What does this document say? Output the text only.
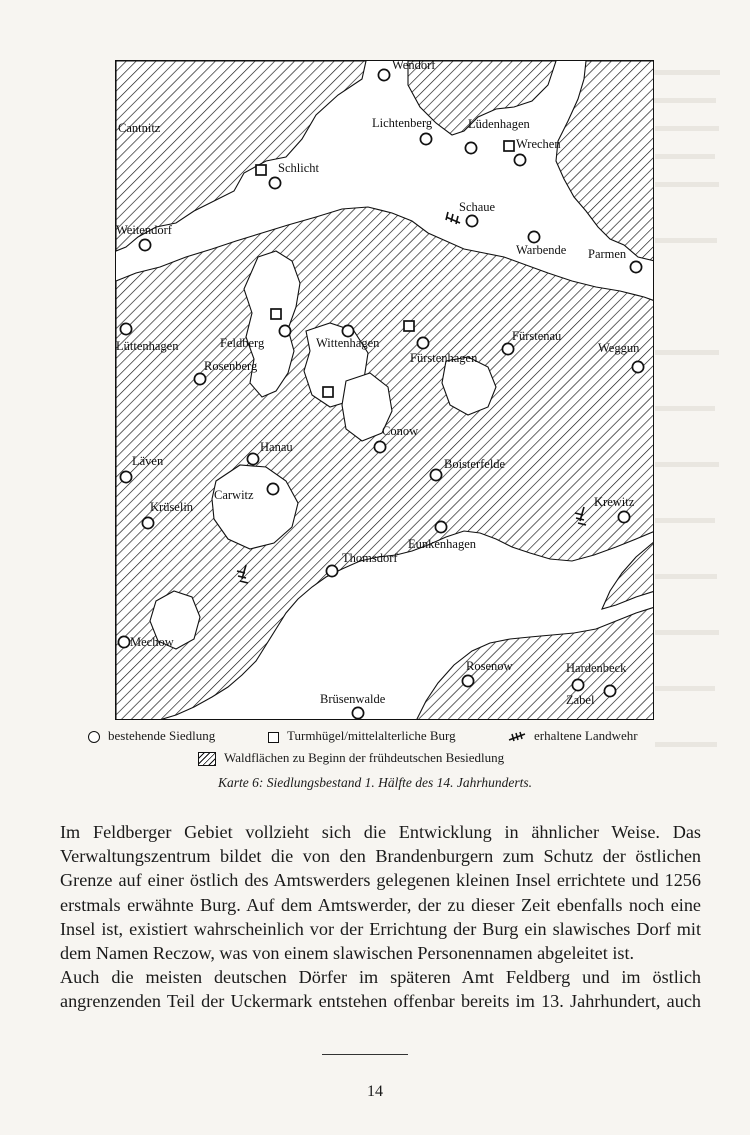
Wendorf
Cantnitz	Lichtenberg	Lüdenhagen
Wrechen
Schlicht
Schaue
Weitendorf
Warbende Parmen
Lüttenhagen	Feldberg	Wittenhagen
Fürstenhagen
Fürstenau
Weggun
Rosenberg
Conow
Hanau
Boisterfelde
Läven
Carwitz
Krüselin	Krewitz
Eunkenhagen
Thomsdorf
Mechow
Rosenow	Hardenbeck
Zabel
Brüsenwalde
bestehende Siedlung	Turmhügel/mittelalterliche Burg	erhaltene Landwehr
Waldflächen zu Beginn der frühdeutschen Besiedlung
Karte 6: Siedlungsbestand 1. Hälfte des 14. Jahrhunderts.

Im Feldberger Gebiet vollzieht sich die Entwicklung in ähnlicher Weise. Das Verwaltungszentrum bildet die von den Brandenburgern zum Schutz der östlichen Grenze auf einer östlich des Amtswerders gelegenen kleinen Insel errichtete und 1256 erstmals erwähnte Burg. Auf dem Amtswerder, der zu dieser Zeit ebenfalls noch eine Insel ist, existiert wahrscheinlich vor der Errichtung der Burg ein slawisches Dorf mit dem Namen Reczow, was von einem slawischen Personennamen abgeleitet ist.

Auch die meisten deutschen Dörfer im späteren Amt Feldberg und im östlich angrenzenden Teil der Uckermark entstehen offenbar bereits im 13. Jahrhundert, auch

14
